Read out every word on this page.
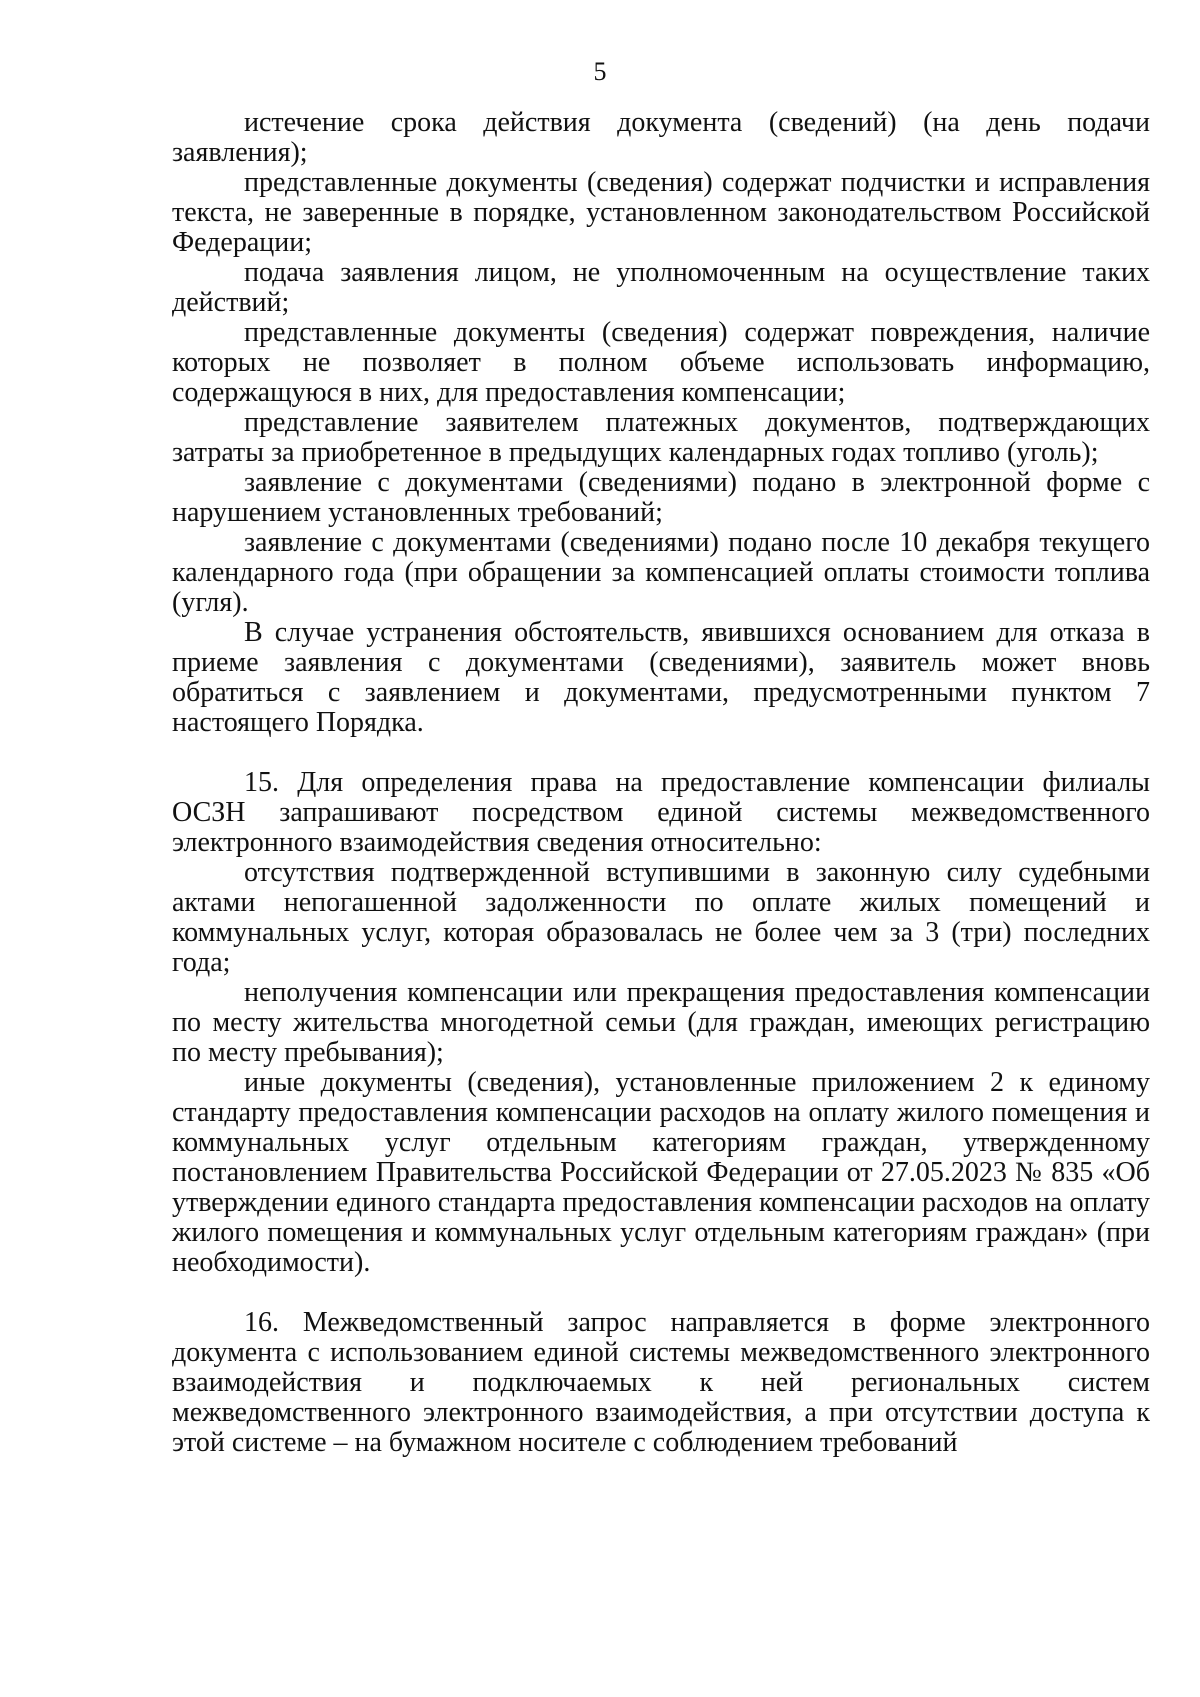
5

истечение срока действия документа (сведений) (на день подачи заявления);

представленные документы (сведения) содержат подчистки и исправления текста, не заверенные в порядке, установленном законодательством Российской Федерации;

подача заявления лицом, не уполномоченным на осуществление таких действий;

представленные документы (сведения) содержат повреждения, наличие которых не позволяет в полном объеме использовать информацию, содержащуюся в них, для предоставления компенсации;

представление заявителем платежных документов, подтверждающих затраты за приобретенное в предыдущих календарных годах топливо (уголь);

заявление с документами (сведениями) подано в электронной форме с нарушением установленных требований;

заявление с документами (сведениями) подано после 10 декабря текущего календарного года (при обращении за компенсацией оплаты стоимости топлива (угля).

В случае устранения обстоятельств, явившихся основанием для отказа в приеме заявления с документами (сведениями), заявитель может вновь обратиться с заявлением и документами, предусмотренными пунктом 7 настоящего Порядка.

15. Для определения права на предоставление компенсации филиалы ОСЗН запрашивают посредством единой системы межведомственного электронного взаимодействия сведения относительно:

отсутствия подтвержденной вступившими в законную силу судебными актами непогашенной задолженности по оплате жилых помещений и коммунальных услуг, которая образовалась не более чем за 3 (три) последних года;

неполучения компенсации или прекращения предоставления компенсации по месту жительства многодетной семьи (для граждан, имеющих регистрацию по месту пребывания);

иные документы (сведения), установленные приложением 2 к единому стандарту предоставления компенсации расходов на оплату жилого помещения и коммунальных услуг отдельным категориям граждан, утвержденному постановлением Правительства Российской Федерации от 27.05.2023 № 835 «Об утверждении единого стандарта предоставления компенсации расходов на оплату жилого помещения и коммунальных услуг отдельным категориям граждан» (при необходимости).

16. Межведомственный запрос направляется в форме электронного документа с использованием единой системы межведомственного электронного взаимодействия и подключаемых к ней региональных систем межведомственного электронного взаимодействия, а при отсутствии доступа к этой системе – на бумажном носителе с соблюдением требований
